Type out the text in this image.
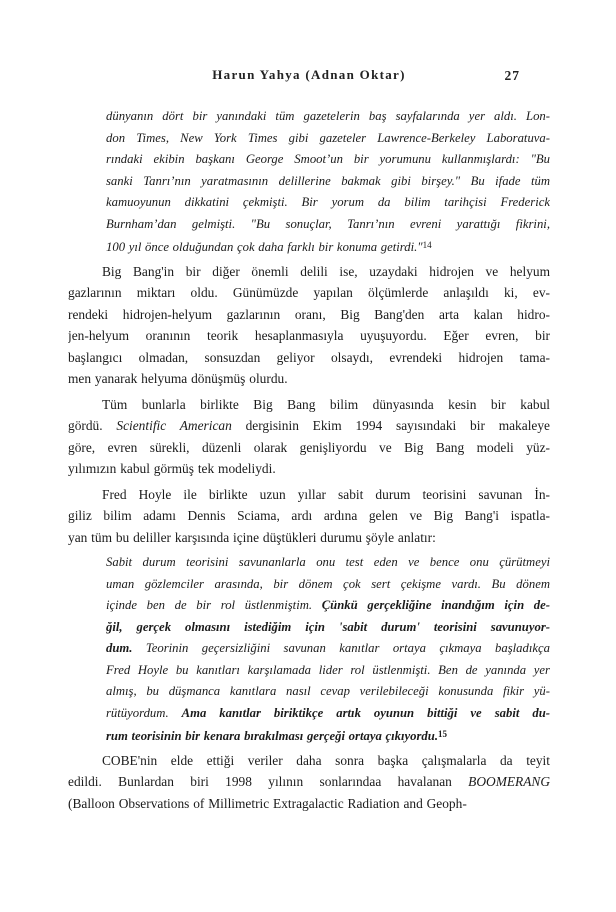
Harun Yahya (Adnan Oktar)	27
dünyanın dört bir yanındaki tüm gazetelerin baş sayfalarında yer aldı. Lon-
don Times, New York Times gibi gazeteler Lawrence-Berkeley Laboratuva-
rındaki ekibin başkanı George Smoot’un bir yorumunu kullanmışlardı: "Bu
sanki Tanrı’nın yaratmasının delillerine bakmak gibi birşey." Bu ifade tüm
kamuoyunun dikkatini çekmişti. Bir yorum da bilim tarihçisi Frederick
Burnham’dan gelmişti. "Bu sonuçlar, Tanrı’nın evreni yarattığı fikrini,
100 yıl önce olduğundan çok daha farklı bir konuma getirdi."$^{14}$
Big Bang'in bir diğer önemli delili ise, uzaydaki hidrojen ve helyum
gazlarının miktarı oldu. Günümüzde yapılan ölçümlerde anlaşıldı ki, ev-
rendeki hidrojen-helyum gazlarının oranı, Big Bang'den arta kalan hidro-
jen-helyum oranının teorik hesaplanmasıyla uyuşuyordu. Eğer evren, bir
başlangıcı olmadan, sonsuzdan geliyor olsaydı, evrendeki hidrojen tama-
men yanarak helyuma dönüşmüş olurdu.
Tüm bunlarla birlikte Big Bang bilim dünyasında kesin bir kabul
gördü. Scientific American dergisinin Ekim 1994 sayısındaki bir makaleye
göre, evren sürekli, düzenli olarak genişliyordu ve Big Bang modeli yüz-
yılımızın kabul görmüş tek modeliydi.
Fred Hoyle ile birlikte uzun yıllar sabit durum teorisini savunan İn-
giliz bilim adamı Dennis Sciama, ardı ardına gelen ve Big Bang'i ispatla-
yan tüm bu deliller karşısında içine düştükleri durumu şöyle anlatır:
Sabit durum teorisini savunanlarla onu test eden ve bence onu çürütmeyi
uman gözlemciler arasında, bir dönem çok sert çekişme vardı. Bu dönem
içinde ben de bir rol üstlenmiştim. Çünkü gerçekliğine inandığım için de-
ğil, gerçek olmasını istediğim için 'sabit durum' teorisini savunuyor-
dum. Teorinin geçersizliğini savunan kanıtlar ortaya çıkmaya başladıkça
Fred Hoyle bu kanıtları karşılamada lider rol üstlenmişti. Ben de yanında yer
almış, bu düşmanca kanıtlara nasıl cevap verilebileceği konusunda fikir yü-
rütüyordum. Ama kanıtlar biriktikçe artık oyunun bittiği ve sabit du-
rum teorisinin bir kenara bırakılması gerçeği ortaya çıkıyordu.$^{15}$
COBE'nin elde ettiği veriler daha sonra başka çalışmalarla da teyit
edildi. Bunlardan biri 1998 yılının sonlarındaa havalanan BOOMERANG
(Balloon Observations of Millimetric Extragalactic Radiation and Geoph-
